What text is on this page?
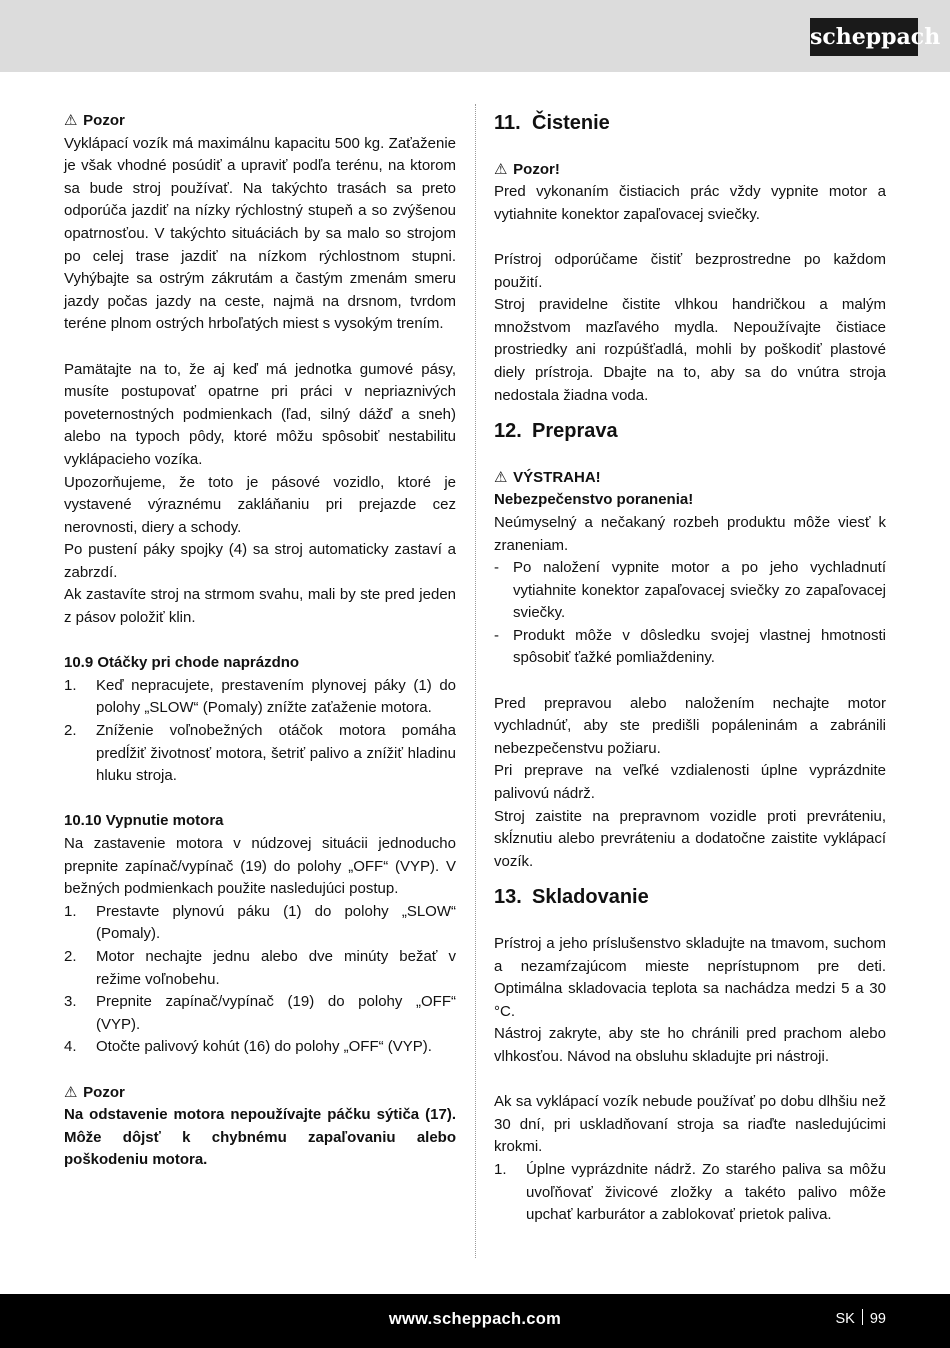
scheppach

⚠ Pozor

Vyklápací vozík má maximálnu kapacitu 500 kg. Zaťaženie je však vhodné posúdiť a upraviť podľa terénu, na ktorom sa bude stroj používať. Na takýchto trasách sa preto odporúča jazdiť na nízky rýchlostný stupeň a so zvýšenou opatrnosťou. V takýchto situáciách by sa malo so strojom po celej trase jazdiť na nízkom rýchlostnom stupni. Vyhýbajte sa ostrým zákrutám a častým zmenám smeru jazdy počas jazdy na ceste, najmä na drsnom, tvrdom teréne plnom ostrých hrboľatých miest s vysokým trením.

Pamätajte na to, že aj keď má jednotka gumové pásy, musíte postupovať opatrne pri práci v nepriaznivých poveternostných podmienkach (ľad, silný dážď a sneh) alebo na typoch pôdy, ktoré môžu spôsobiť nestabilitu vyklápacieho vozíka.

Upozorňujeme, že toto je pásové vozidlo, ktoré je vystavené výraznému zakláňaniu pri prejazde cez nerovnosti, diery a schody.

Po pustení páky spojky (4) sa stroj automaticky zastaví a zabrzdí.

Ak zastavíte stroj na strmom svahu, mali by ste pred jeden z pásov položiť klin.

10.9 Otáčky pri chode naprázdno

1. Keď nepracujete, prestavením plynovej páky (1) do polohy „SLOW“ (Pomaly) znížte zaťaženie motora.
2. Zníženie voľnobežných otáčok motora pomáha predĺžiť životnosť motora, šetriť palivo a znížiť hladinu hluku stroja.

10.10 Vypnutie motora

Na zastavenie motora v núdzovej situácii jednoducho prepnite zapínač/vypínač (19) do polohy „OFF“ (VYP). V bežných podmienkach použite nasledujúci postup.

1. Prestavte plynovú páku (1) do polohy „SLOW“ (Pomaly).
2. Motor nechajte jednu alebo dve minúty bežať v režime voľnobehu.
3. Prepnite zapínač/vypínač (19) do polohy „OFF“ (VYP).
4. Otočte palivový kohút (16) do polohy „OFF“ (VYP).

⚠ Pozor

Na odstavenie motora nepoužívajte páčku sýtiča (17). Môže dôjsť k chybnému zapaľovaniu alebo poškodeniu motora.

11. Čistenie

⚠ Pozor!

Pred vykonaním čistiacich prác vždy vypnite motor a vytiahnite konektor zapaľovacej sviečky.

Prístroj odporúčame čistiť bezprostredne po každom použití.

Stroj pravidelne čistite vlhkou handričkou a malým množstvom mazľavého mydla. Nepoužívajte čistiace prostriedky ani rozpúšťadlá, mohli by poškodiť plastové diely prístroja. Dbajte na to, aby sa do vnútra stroja nedostala žiadna voda.

12. Preprava

⚠ VÝSTRAHA!

Nebezpečenstvo poranenia!

Neúmyselný a nečakaný rozbeh produktu môže viesť k zraneniam.

- Po naložení vypnite motor a po jeho vychladnutí vytiahnite konektor zapaľovacej sviečky zo zapaľovacej sviečky.
- Produkt môže v dôsledku svojej vlastnej hmotnosti spôsobiť ťažké pomliaždeniny.

Pred prepravou alebo naložením nechajte motor vychladnúť, aby ste predišli popáleninám a zabránili nebezpečenstvu požiaru.

Pri preprave na veľké vzdialenosti úplne vyprázdnite palivovú nádrž.

Stroj zaistite na prepravnom vozidle proti prevráteniu, skĺznutiu alebo prevráteniu a dodatočne zaistite vyklápací vozík.

13. Skladovanie

Prístroj a jeho príslušenstvo skladujte na tmavom, suchom a nezamŕzajúcom mieste neprístupnom pre deti. Optimálna skladovacia teplota sa nachádza medzi 5 a 30 °C.

Nástroj zakryte, aby ste ho chránili pred prachom alebo vlhkosťou. Návod na obsluhu skladujte pri nástroji.

Ak sa vyklápací vozík nebude používať po dobu dlhšiu než 30 dní, pri uskladňovaní stroja sa riaďte nasledujúcimi krokmi.

1. Úplne vyprázdnite nádrž. Zo starého paliva sa môžu uvoľňovať živicové zložky a takéto palivo môže upchať karburátor a zablokovať prietok paliva.
www.scheppach.com	SK 99
